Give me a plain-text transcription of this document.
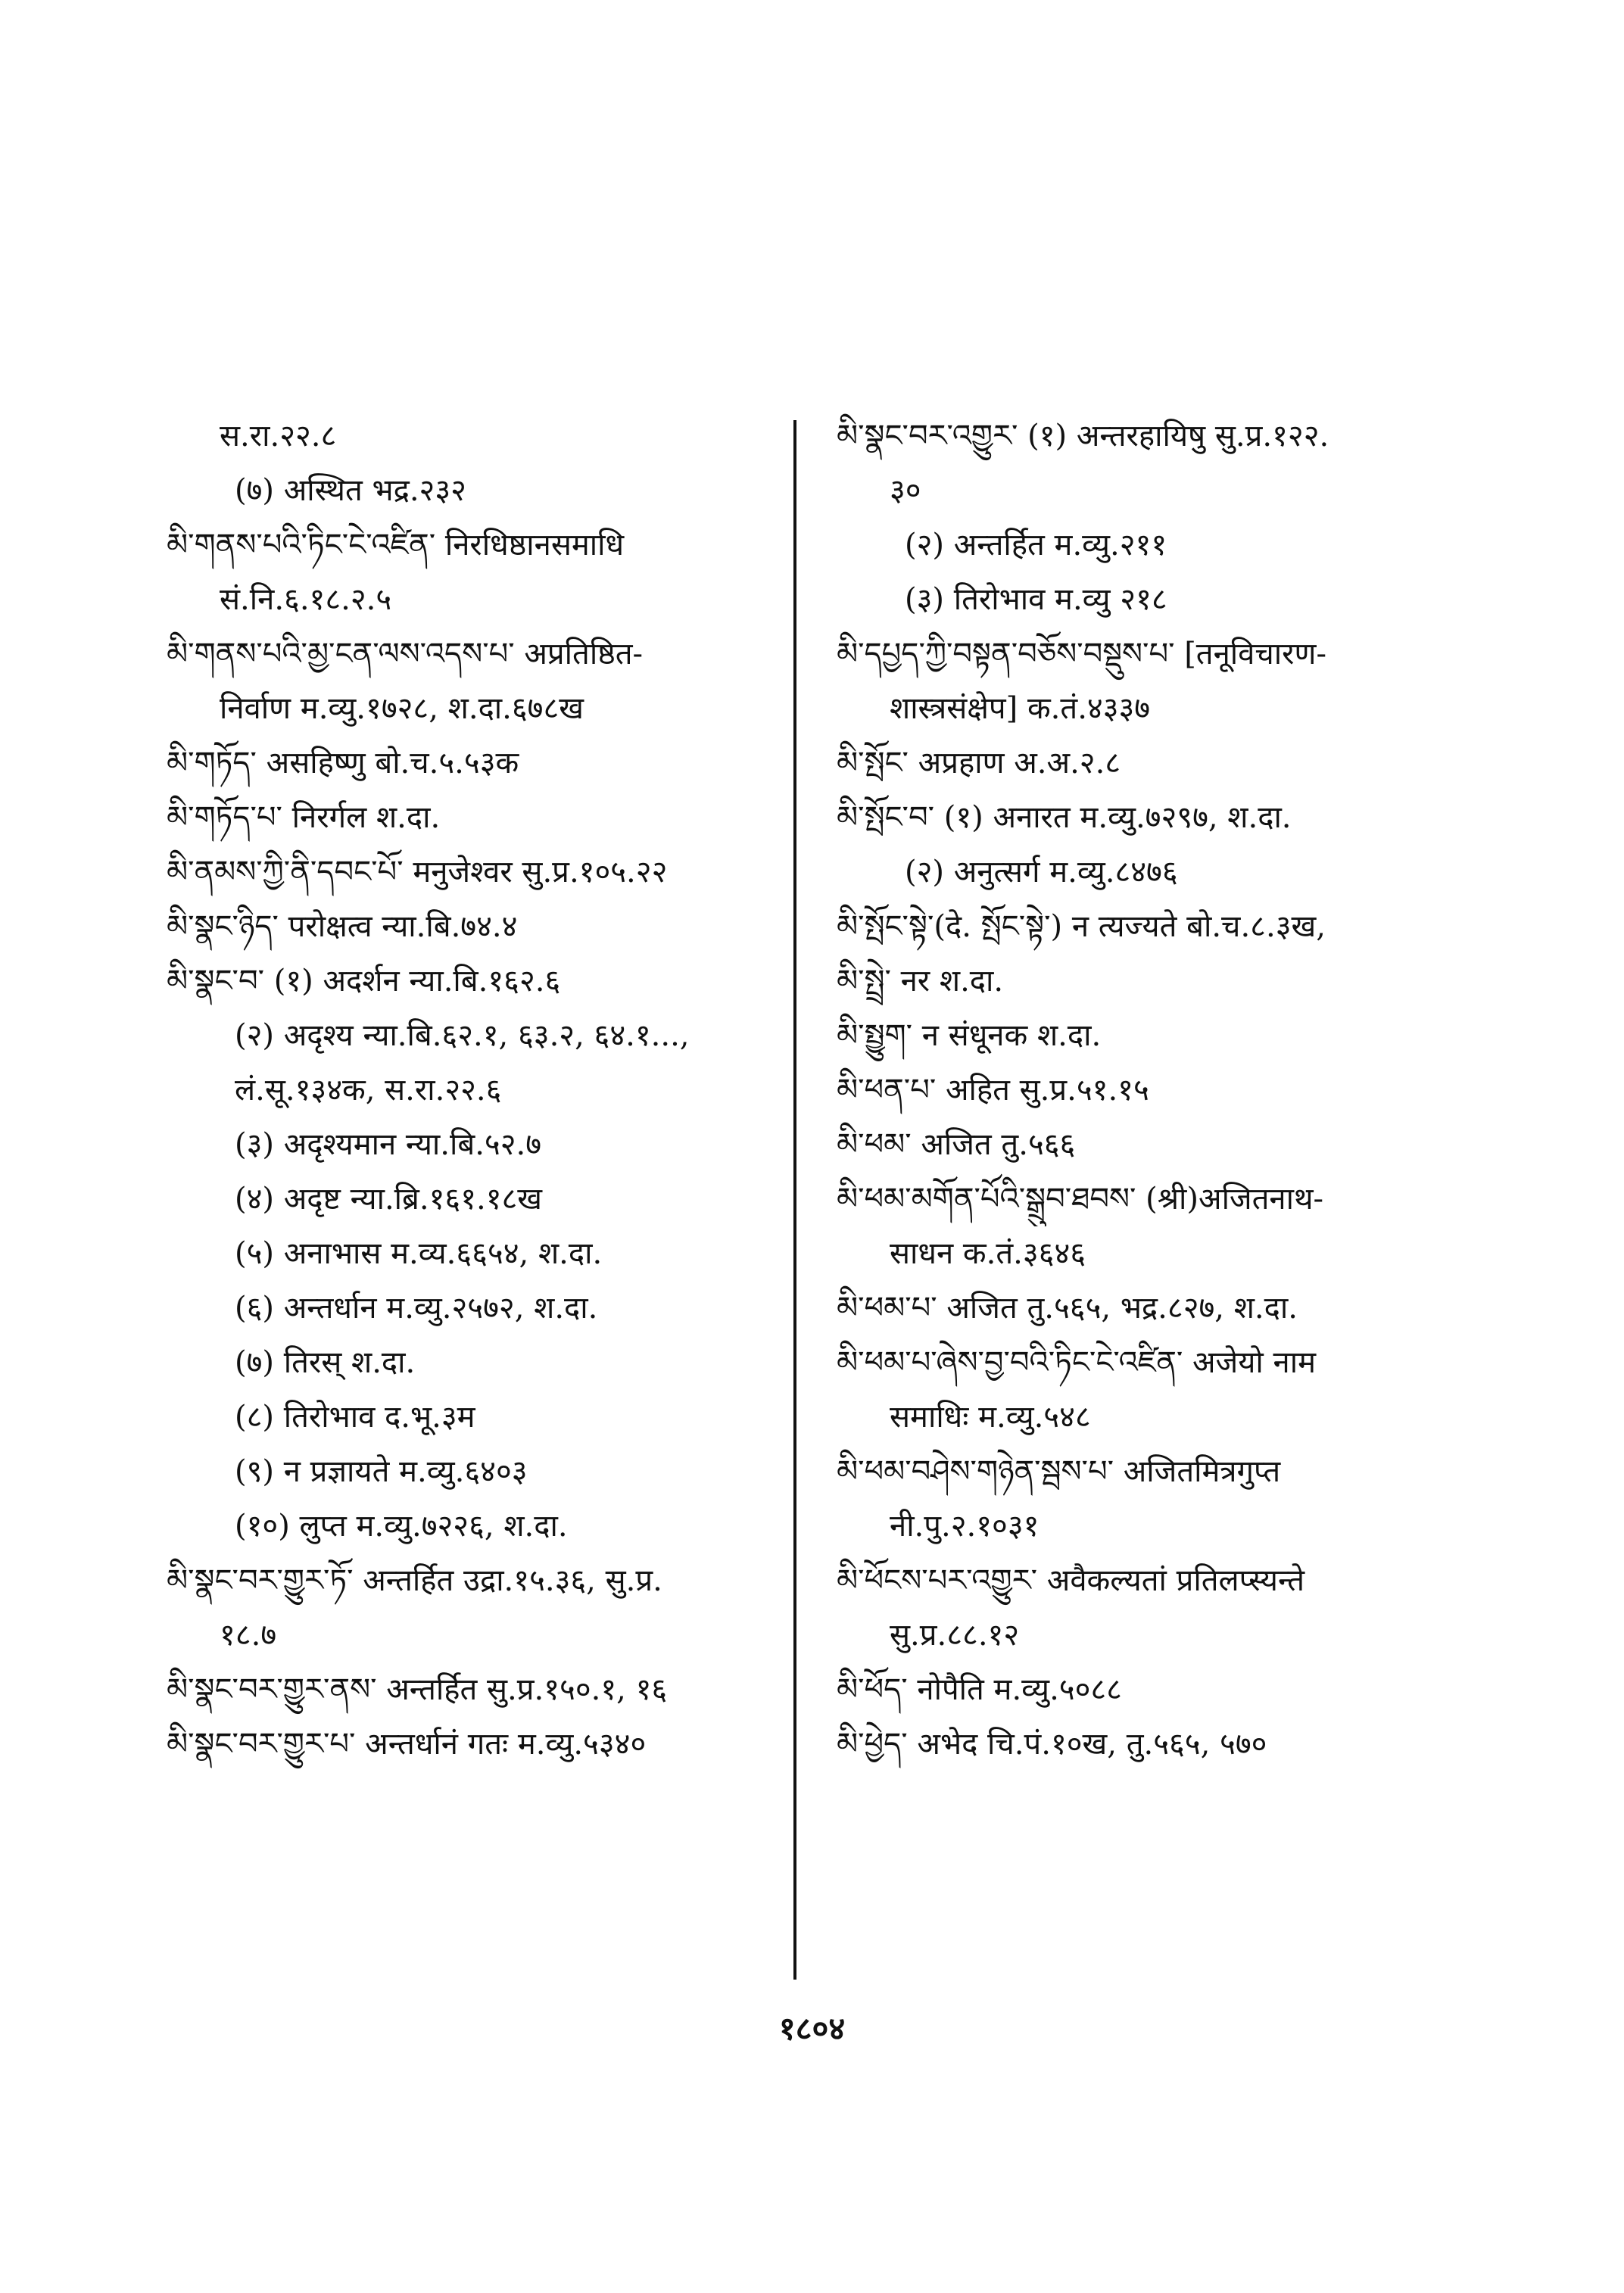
स.रा.२२.८
(७) अस्थित भद्र.२३२
མི་གནས་པའི་ཏིང་ངེ་འཛིན་ निरधिष्ठानसमाधि
सं.नि.६.१८.२.५
མི་གནས་པའི་མྱ་ངན་ལས་འདས་པ་ अप्रतिष्ठित-
निर्वाण म.व्यु.१७२८, श.दा.६७८ख
མི་གཏོད་ असहिष्णु बो.च.५.५३क
མི་གཏོད་པ་ निरर्गल श.दा.
མི་ནམས་ཀྱི་ནི་དབང་པོ་ मनुजेश्वर सु.प्र.१०५.२२
མི་སྣང་ཉིད་ परोक्षत्व न्या.बि.७४.४
མི་སྣང་བ་ (१) अदर्शन न्या.बि.१६२.६
(२) अदृश्य न्या.बि.६२.१, ६३.२, ६४.१...,
लं.सू.१३४क, स.रा.२२.६
(३) अदृश्यमान न्या.बि.५२.७
(४) अदृष्ट न्या.ब्रि.१६१.१८ख
(५) अनाभास म.व्य.६६५४, श.दा.
(६) अन्तर्धान म.व्यु.२५७२, श.दा.
(७) तिरस् श.दा.
(८) तिरोभाव द.भू.३म
(९) न प्रज्ञायते म.व्यु.६४०३
(१०) लुप्त म.व्यु.७२२६, श.दा.
མི་སྣང་བར་གྱུར་ཏོ་ अन्तर्हित उद्रा.१५.३६, सु.प्र.
१८.७
མི་སྣང་བར་གྱུར་ནས་ अन्तर्हित सु.प्र.१५०.१, १६
མི་སྣང་བར་གྱུར་པ་ अन्तर्धानं गतः म.व्यु.५३४०
མི་སྣང་བར་འགྱུར་ (१) अन्तरहायिषु सु.प्र.१२२.
३०
(२) अन्तर्हित म.व्यु.२११
(३) तिरोभाव म.व्यु २१८
མི་དཔྱད་ཀྱི་བསྟན་བཅོས་བསྡུས་པ་ [तनूविचारण-
शास्त्रसंक्षेप] क.तं.४३३७
མི་སྤོང་ अप्रहाण अ.अ.२.८
མི་སྤོང་བ་ (१) अनारत म.व्यु.७२९७, श.दा.
(२) अनुत्सर्ग म.व्यु.८४७६
མི་སྤོང་སྟེ་(दे. སྤོང་སྟེ་) न त्यज्यते बो.च.८.३ख,
མི་སྤྲེ་ नर श.दा.
མི་སྤྱུག་ न संधूनक श.दा.
མི་ཕན་པ་ अहित सु.प्र.५१.१५
མི་ཕམ་ अजित तु.५६६
མི་ཕམ་མགོན་པོའི་སྒྲུབ་ཐབས་ (श्री)अजितनाथ-
साधन क.तं.३६४६
མི་ཕམ་པ་ अजित तु.५६५, भद्र.८२७, श.दा.
མི་ཕམ་པ་ཞེས་བྱ་བའི་ཏིང་ངེ་འཛིན་ अजेयो नाम
समाधिः म.व्यु.५४८
མི་ཕམ་བཤེས་གཉེན་སྦས་པ་ अजितमित्रगुप्त
नी.पु.२.१०३१
མི་ཕོངས་པར་འགྱུར་ अवैकल्यतां प्रतिलप्स्यन्ते
सु.प्र.८८.१२
མི་ཕོད་ नोपैति म.व्यु.५०८८
མི་ཕྱེད་ अभेद चि.पं.१०ख, तु.५६५, ५७०
१८०४
